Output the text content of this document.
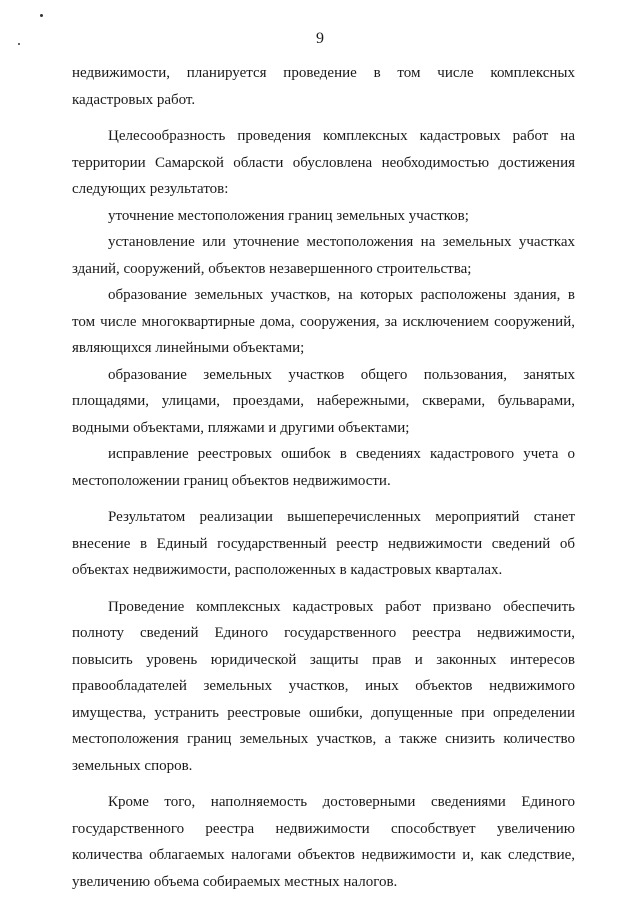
9

недвижимости, планируется проведение в том числе комплексных кадастровых работ.

Целесообразность проведения комплексных кадастровых работ на территории Самарской области обусловлена необходимостью достижения следующих результатов:

уточнение местоположения границ земельных участков;

установление или уточнение местоположения на земельных участках зданий, сооружений, объектов незавершенного строительства;

образование земельных участков, на которых расположены здания, в том числе многоквартирные дома, сооружения, за исключением сооружений, являющихся линейными объектами;

образование земельных участков общего пользования, занятых площадями, улицами, проездами, набережными, скверами, бульварами, водными объектами, пляжами и другими объектами;

исправление реестровых ошибок в сведениях кадастрового учета о местоположении границ объектов недвижимости.

Результатом реализации вышеперечисленных мероприятий станет внесение в Единый государственный реестр недвижимости сведений об объектах недвижимости, расположенных в кадастровых кварталах.

Проведение комплексных кадастровых работ призвано обеспечить полноту сведений Единого государственного реестра недвижимости, повысить уровень юридической защиты прав и законных интересов правообладателей земельных участков, иных объектов недвижимого имущества, устранить реестровые ошибки, допущенные при определении местоположения границ земельных участков, а также снизить количество земельных споров.

Кроме того, наполняемость достоверными сведениями Единого государственного реестра недвижимости способствует увеличению количества облагаемых налогами объектов недвижимости и, как следствие, увеличению объема собираемых местных налогов.
